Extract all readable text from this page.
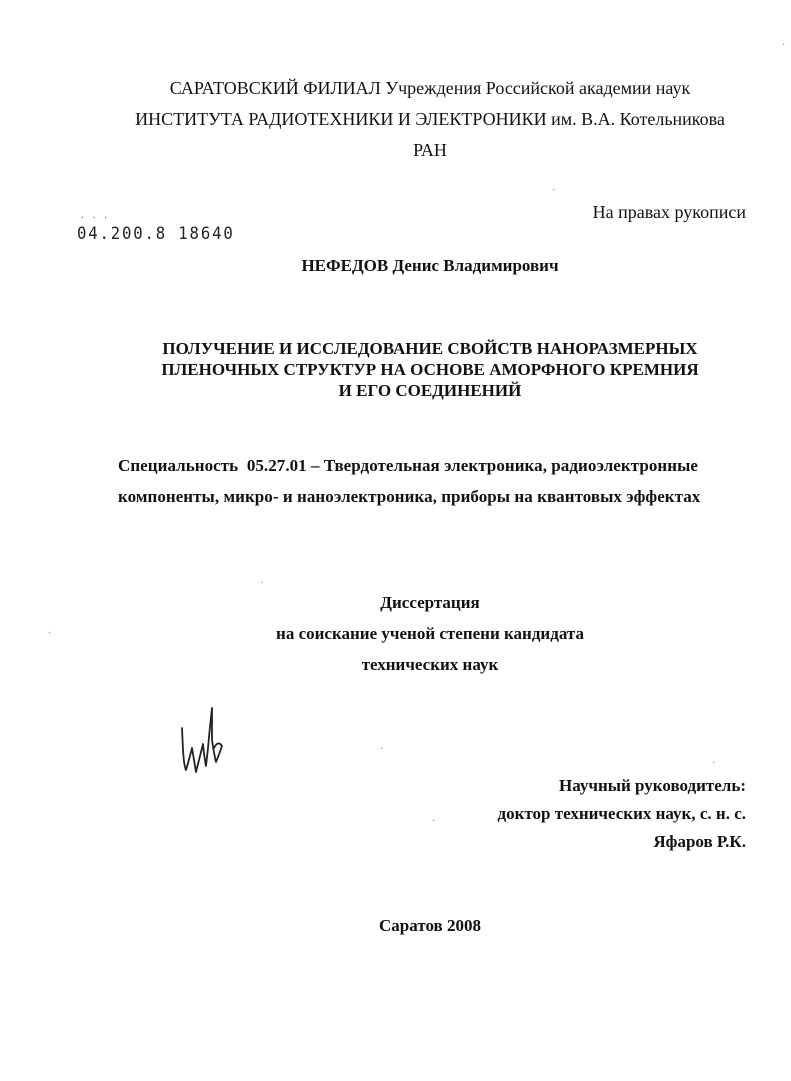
САРАТОВСКИЙ ФИЛИАЛ Учреждения Российской академии наук
ИНСТИТУТА РАДИОТЕХНИКИ И ЭЛЕКТРОНИКИ им. В.А. Котельникова
РАН
На правах рукописи
· · ·
04.200.8 18640
НЕФЕДОВ Денис Владимирович
ПОЛУЧЕНИЕ И ИССЛЕДОВАНИЕ СВОЙСТВ НАНОРАЗМЕРНЫХ
ПЛЕНОЧНЫХ СТРУКТУР НА ОСНОВЕ АМОРФНОГО КРЕМНИЯ
И ЕГО СОЕДИНЕНИЙ
Специальность 05.27.01 – Твердотельная электроника, радиоэлектронные компоненты, микро- и наноэлектроника, приборы на квантовых эффектах
Диссертация
на соискание ученой степени кандидата
технических наук
Научный руководитель:
доктор технических наук, с. н. с.
Яфаров Р.К.
Саратов 2008
·
·
·
·
·
·
·
